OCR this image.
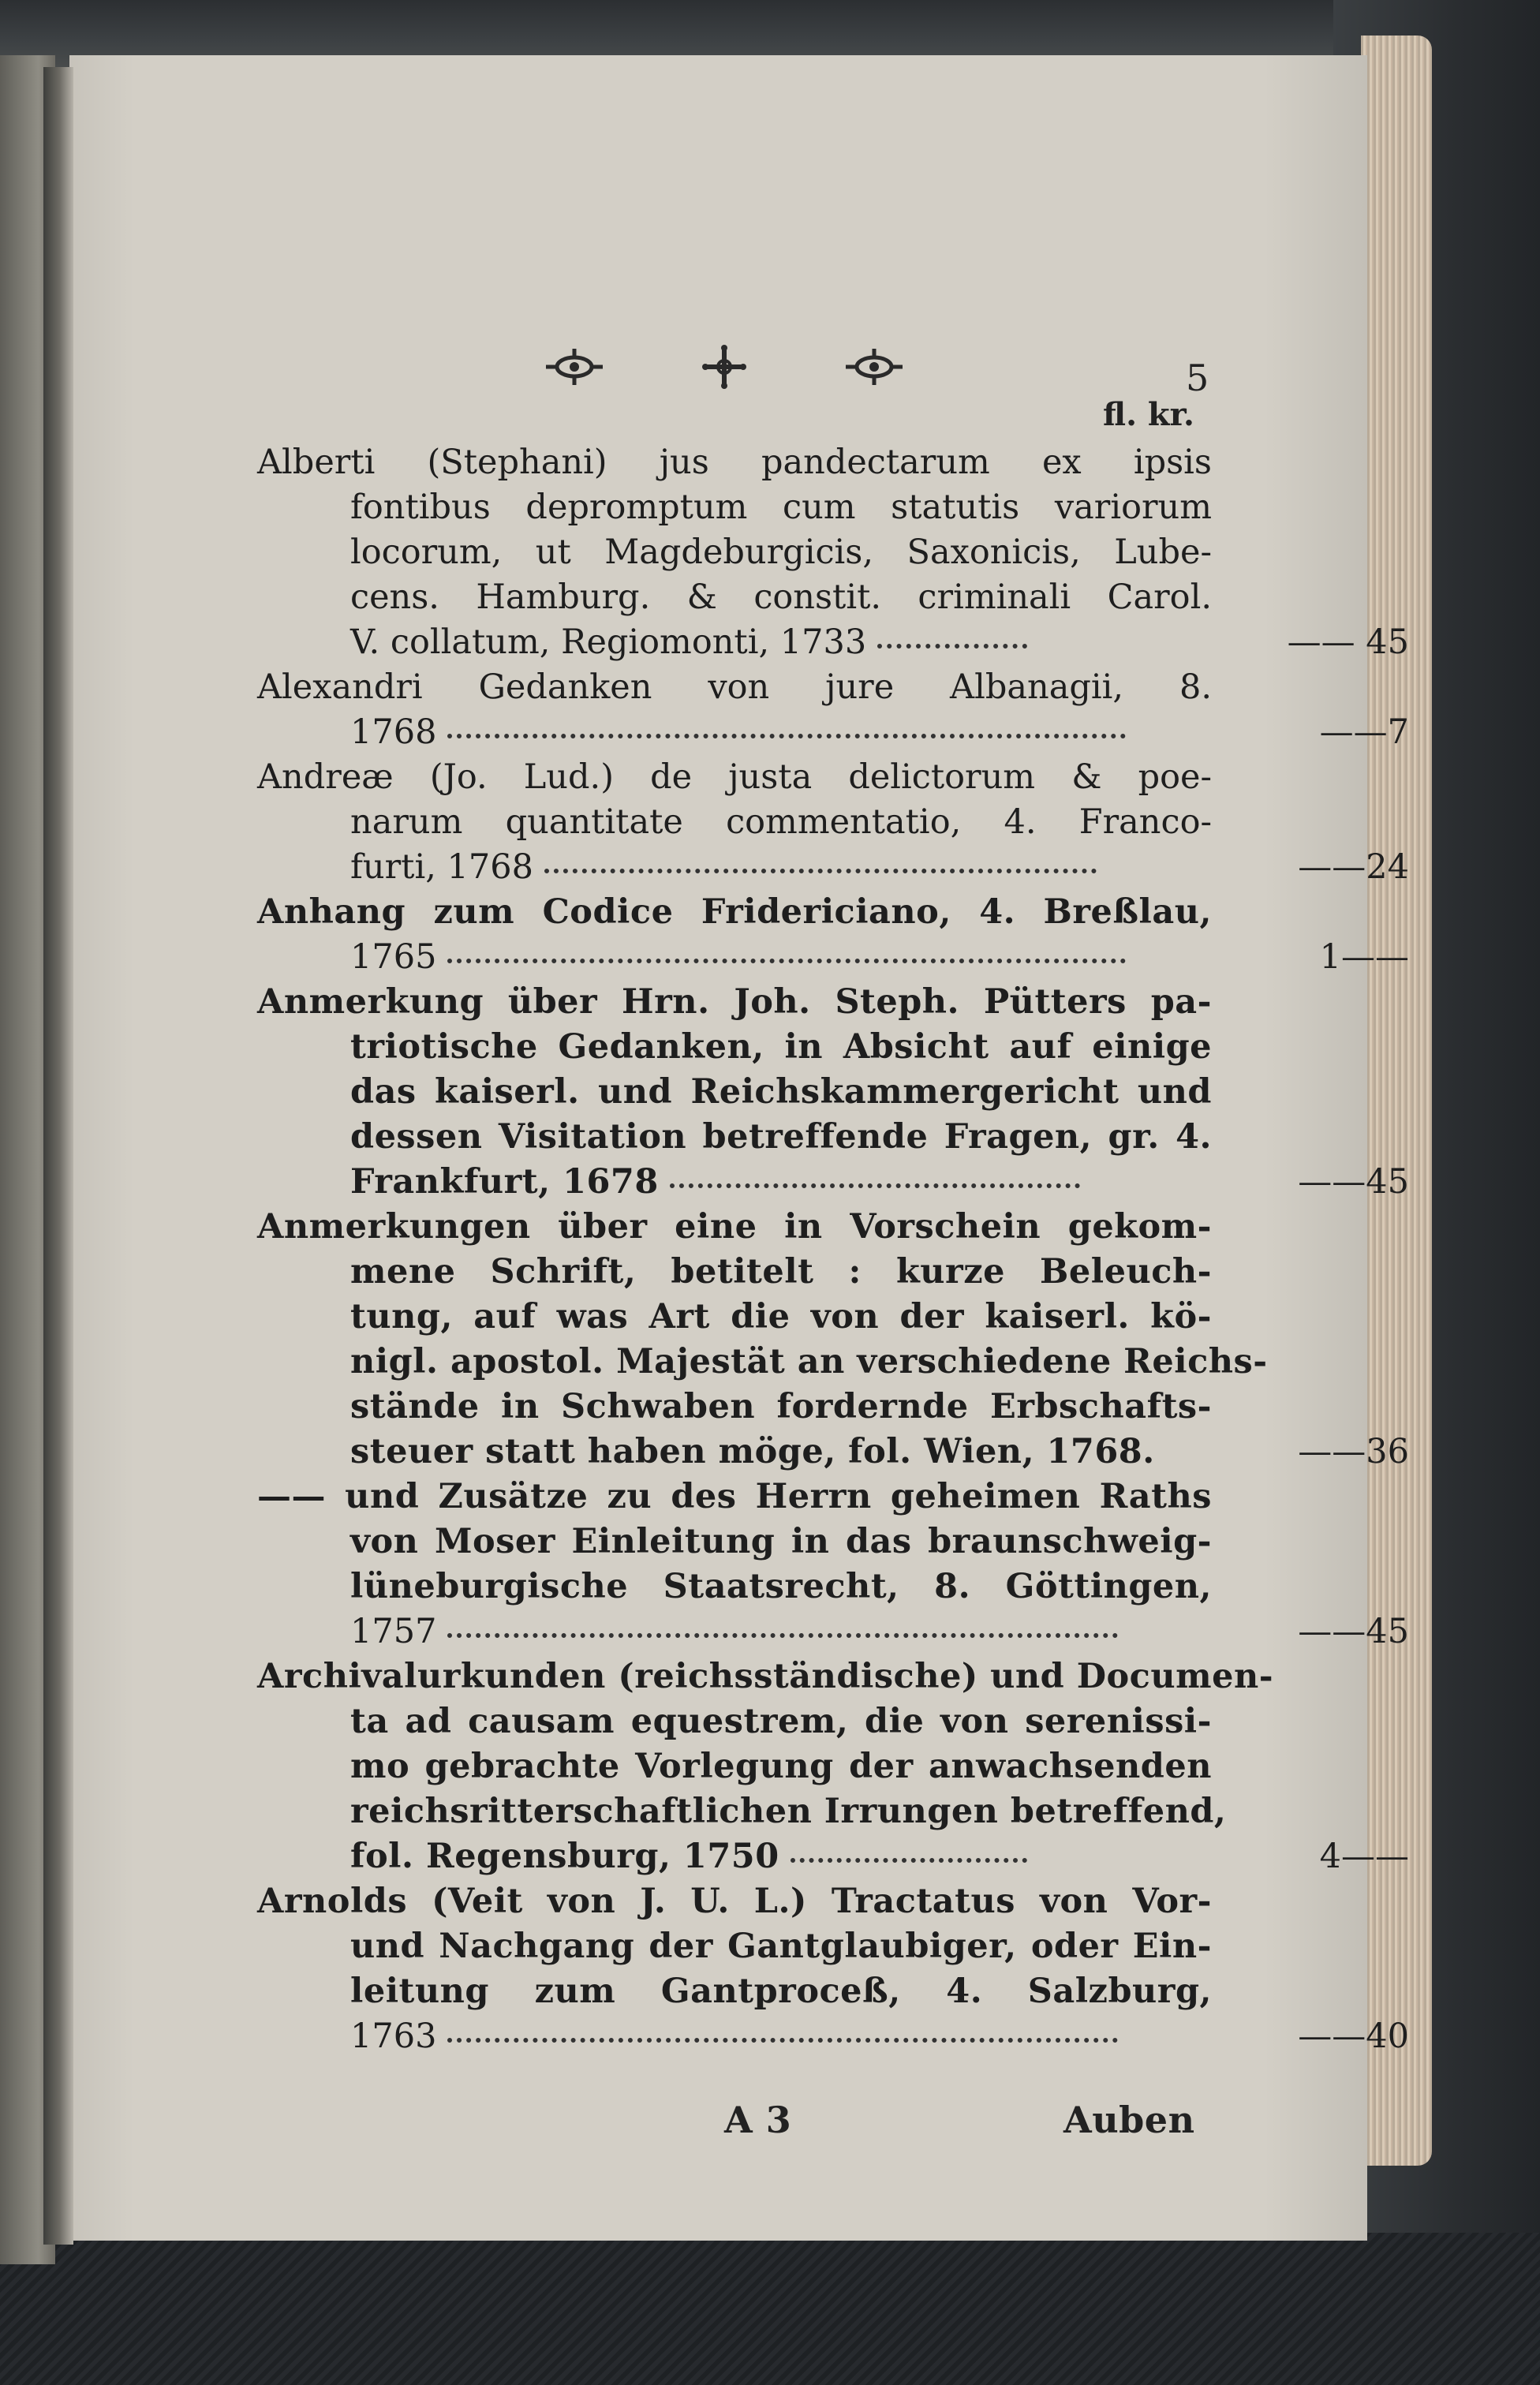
5

fl. kr.
Alberti (Stephani) jus pandectarum ex ipsis
fontibus depromptum cum statutis variorum
locorum, ut Magdeburgicis, Saxonicis, Lube-
cens. Hamburg. & constit. criminali Carol.
V. collatum, Regiomonti, 1733	—— 45
Alexandri Gedanken von jure Albanagii, 8.
1768	——7
Andreæ (Jo. Lud.) de justa delictorum & poe-
narum quantitate commentatio, 4. Franco-
furti, 1768	——24
Anhang zum Codice Fridericiano, 4. Breßlau,
1765	1——
Anmerkung über Hrn. Joh. Steph. Pütters pa-
triotische Gedanken, in Absicht auf einige
das kaiserl. und Reichskammergericht und
dessen Visitation betreffende Fragen, gr. 4.
Frankfurt, 1678	——45
Anmerkungen über eine in Vorschein gekom-
mene Schrift, betitelt : kurze Beleuch-
tung, auf was Art die von der kaiserl. kö-
nigl. apostol. Majestät an verschiedene Reichs-
stände in Schwaben fordernde Erbschafts-
steuer statt haben möge, fol. Wien, 1768.	——36
—— und Zusätze zu des Herrn geheimen Raths
von Moser Einleitung in das braunschweig-
lüneburgische Staatsrecht, 8. Göttingen,
1757	——45
Archivalurkunden (reichsständische) und Documen-
ta ad causam equestrem, die von serenissi-
mo gebrachte Vorlegung der anwachsenden
reichsritterschaftlichen Irrungen betreffend,
fol. Regensburg, 1750	4——
Arnolds (Veit von J. U. L.) Tractatus von Vor-
und Nachgang der Gantglaubiger, oder Ein-
leitung zum Gantproceß, 4. Salzburg,
1763	——40
A 3	Auben
